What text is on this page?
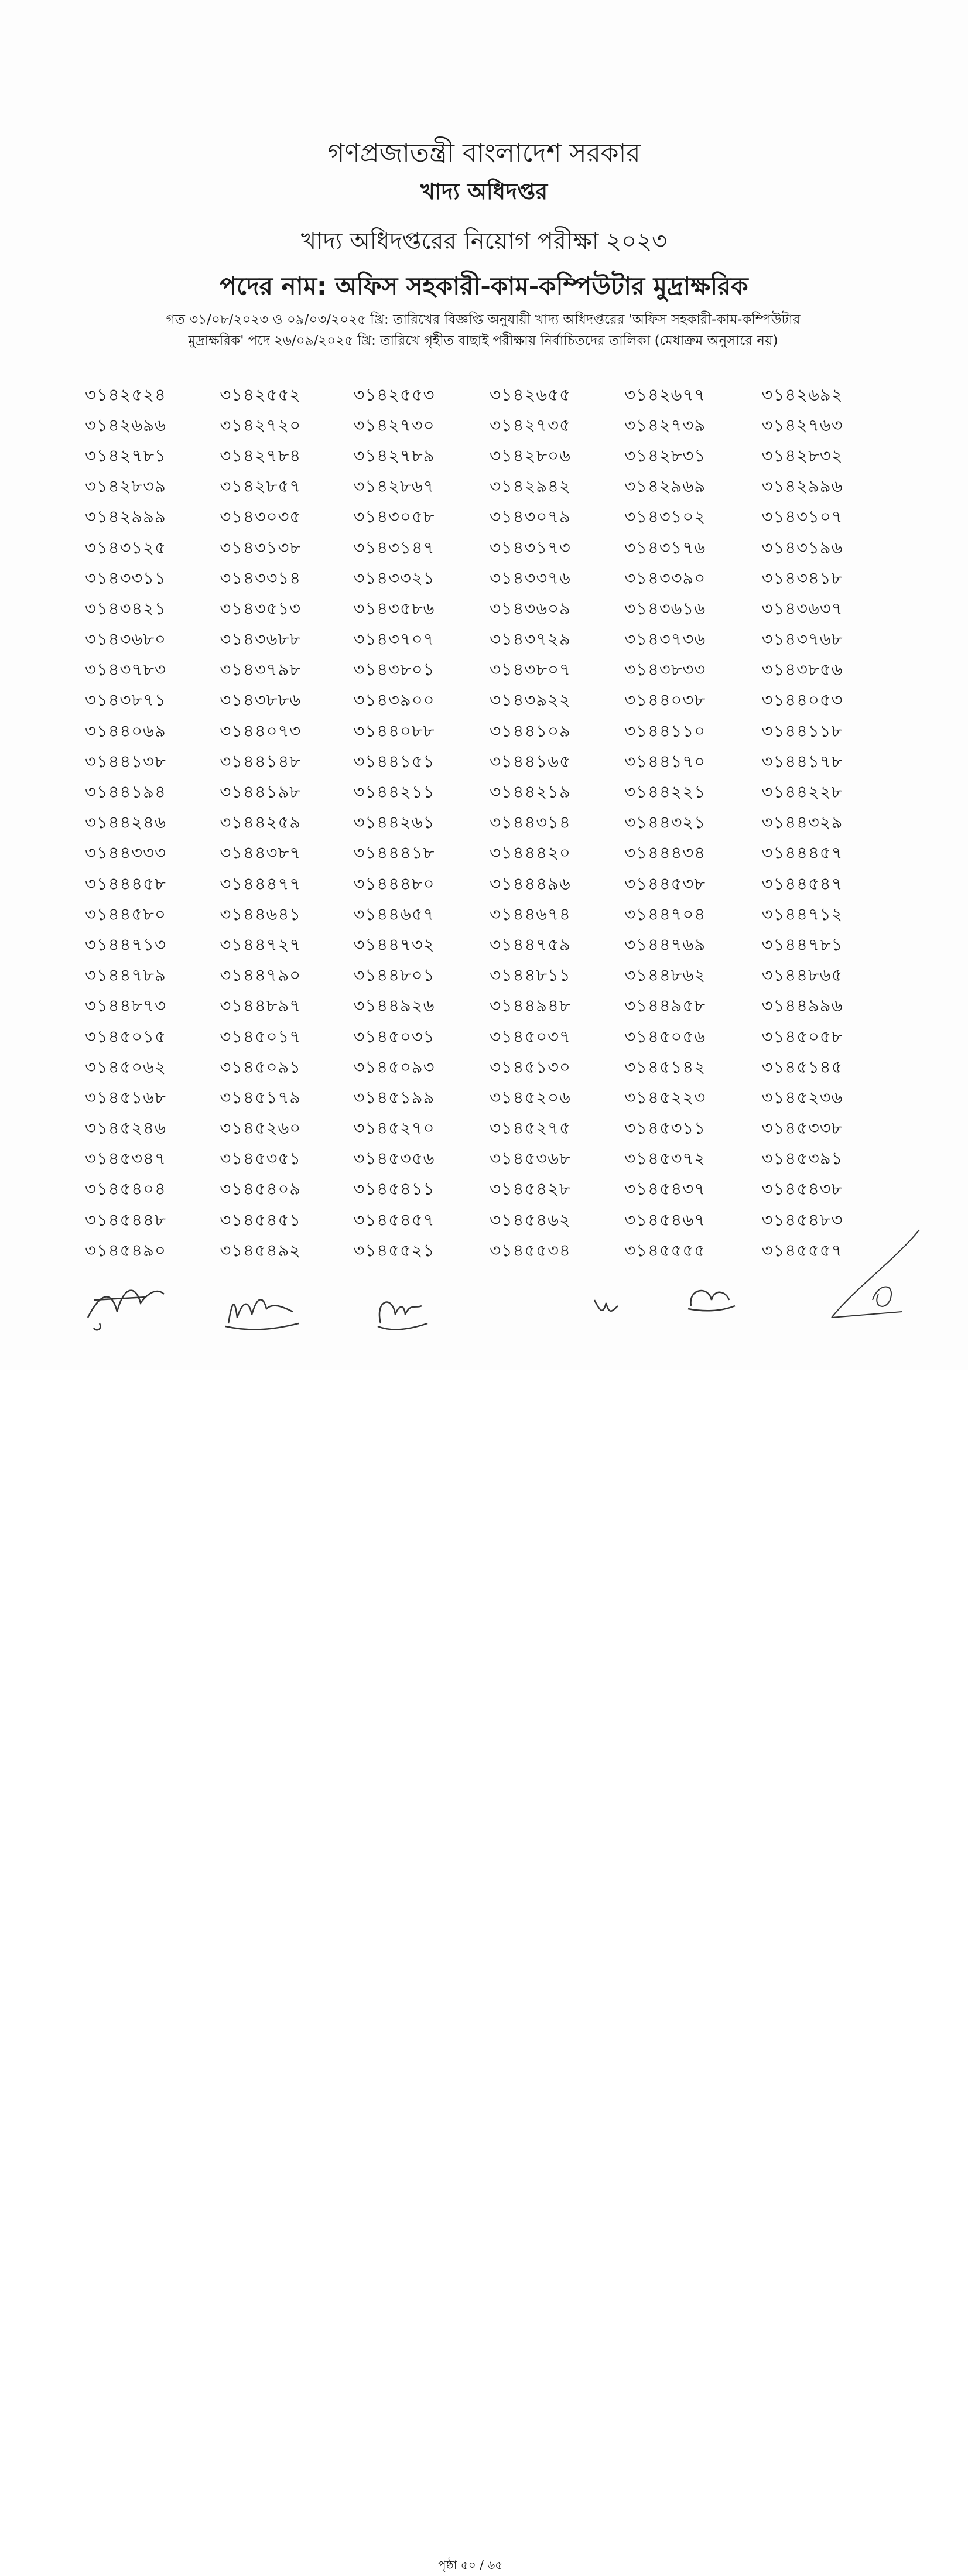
গণপ্রজাতন্ত্রী বাংলাদেশ সরকার
খাদ্য অধিদপ্তর
খাদ্য অধিদপ্তরের নিয়োগ পরীক্ষা ২০২৩
পদের নাম: অফিস সহকারী-কাম-কম্পিউটার মুদ্রাক্ষরিক
গত ৩১/০৮/২০২৩ ও ০৯/০৩/২০২৫ খ্রি: তারিখের বিজ্ঞপ্তি অনুযায়ী খাদ্য অধিদপ্তরের 'অফিস সহকারী-কাম-কম্পিউটার
মুদ্রাক্ষরিক' পদে ২৬/০৯/২০২৫ খ্রি: তারিখে গৃহীত বাছাই পরীক্ষায় নির্বাচিতদের তালিকা (মেধাক্রম অনুসারে নয়)
৩১৪২৫২৪	৩১৪২৫৫২	৩১৪২৫৫৩	৩১৪২৬৫৫	৩১৪২৬৭৭	৩১৪২৬৯২
৩১৪২৬৯৬	৩১৪২৭২০	৩১৪২৭৩০	৩১৪২৭৩৫	৩১৪২৭৩৯	৩১৪২৭৬৩
৩১৪২৭৮১	৩১৪২৭৮৪	৩১৪২৭৮৯	৩১৪২৮০৬	৩১৪২৮৩১	৩১৪২৮৩২
৩১৪২৮৩৯	৩১৪২৮৫৭	৩১৪২৮৬৭	৩১৪২৯৪২	৩১৪২৯৬৯	৩১৪২৯৯৬
৩১৪২৯৯৯	৩১৪৩০৩৫	৩১৪৩০৫৮	৩১৪৩০৭৯	৩১৪৩১০২	৩১৪৩১০৭
৩১৪৩১২৫	৩১৪৩১৩৮	৩১৪৩১৪৭	৩১৪৩১৭৩	৩১৪৩১৭৬	৩১৪৩১৯৬
৩১৪৩৩১১	৩১৪৩৩১৪	৩১৪৩৩২১	৩১৪৩৩৭৬	৩১৪৩৩৯০	৩১৪৩৪১৮
৩১৪৩৪২১	৩১৪৩৫১৩	৩১৪৩৫৮৬	৩১৪৩৬০৯	৩১৪৩৬১৬	৩১৪৩৬৩৭
৩১৪৩৬৮০	৩১৪৩৬৮৮	৩১৪৩৭০৭	৩১৪৩৭২৯	৩১৪৩৭৩৬	৩১৪৩৭৬৮
৩১৪৩৭৮৩	৩১৪৩৭৯৮	৩১৪৩৮০১	৩১৪৩৮০৭	৩১৪৩৮৩৩	৩১৪৩৮৫৬
৩১৪৩৮৭১	৩১৪৩৮৮৬	৩১৪৩৯০০	৩১৪৩৯২২	৩১৪৪০৩৮	৩১৪৪০৫৩
৩১৪৪০৬৯	৩১৪৪০৭৩	৩১৪৪০৮৮	৩১৪৪১০৯	৩১৪৪১১০	৩১৪৪১১৮
৩১৪৪১৩৮	৩১৪৪১৪৮	৩১৪৪১৫১	৩১৪৪১৬৫	৩১৪৪১৭০	৩১৪৪১৭৮
৩১৪৪১৯৪	৩১৪৪১৯৮	৩১৪৪২১১	৩১৪৪২১৯	৩১৪৪২২১	৩১৪৪২২৮
৩১৪৪২৪৬	৩১৪৪২৫৯	৩১৪৪২৬১	৩১৪৪৩১৪	৩১৪৪৩২১	৩১৪৪৩২৯
৩১৪৪৩৩৩	৩১৪৪৩৮৭	৩১৪৪৪১৮	৩১৪৪৪২০	৩১৪৪৪৩৪	৩১৪৪৪৫৭
৩১৪৪৪৫৮	৩১৪৪৪৭৭	৩১৪৪৪৮০	৩১৪৪৪৯৬	৩১৪৪৫৩৮	৩১৪৪৫৪৭
৩১৪৪৫৮০	৩১৪৪৬৪১	৩১৪৪৬৫৭	৩১৪৪৬৭৪	৩১৪৪৭০৪	৩১৪৪৭১২
৩১৪৪৭১৩	৩১৪৪৭২৭	৩১৪৪৭৩২	৩১৪৪৭৫৯	৩১৪৪৭৬৯	৩১৪৪৭৮১
৩১৪৪৭৮৯	৩১৪৪৭৯০	৩১৪৪৮০১	৩১৪৪৮১১	৩১৪৪৮৬২	৩১৪৪৮৬৫
৩১৪৪৮৭৩	৩১৪৪৮৯৭	৩১৪৪৯২৬	৩১৪৪৯৪৮	৩১৪৪৯৫৮	৩১৪৪৯৯৬
৩১৪৫০১৫	৩১৪৫০১৭	৩১৪৫০৩১	৩১৪৫০৩৭	৩১৪৫০৫৬	৩১৪৫০৫৮
৩১৪৫০৬২	৩১৪৫০৯১	৩১৪৫০৯৩	৩১৪৫১৩০	৩১৪৫১৪২	৩১৪৫১৪৫
৩১৪৫১৬৮	৩১৪৫১৭৯	৩১৪৫১৯৯	৩১৪৫২০৬	৩১৪৫২২৩	৩১৪৫২৩৬
৩১৪৫২৪৬	৩১৪৫২৬০	৩১৪৫২৭০	৩১৪৫২৭৫	৩১৪৫৩১১	৩১৪৫৩৩৮
৩১৪৫৩৪৭	৩১৪৫৩৫১	৩১৪৫৩৫৬	৩১৪৫৩৬৮	৩১৪৫৩৭২	৩১৪৫৩৯১
৩১৪৫৪০৪	৩১৪৫৪০৯	৩১৪৫৪১১	৩১৪৫৪২৮	৩১৪৫৪৩৭	৩১৪৫৪৩৮
৩১৪৫৪৪৮	৩১৪৫৪৫১	৩১৪৫৪৫৭	৩১৪৫৪৬২	৩১৪৫৪৬৭	৩১৪৫৪৮৩
৩১৪৫৪৯০	৩১৪৫৪৯২	৩১৪৫৫২১	৩১৪৫৫৩৪	৩১৪৫৫৫৫	৩১৪৫৫৫৭
পৃষ্ঠা ৫০ / ৬৫
